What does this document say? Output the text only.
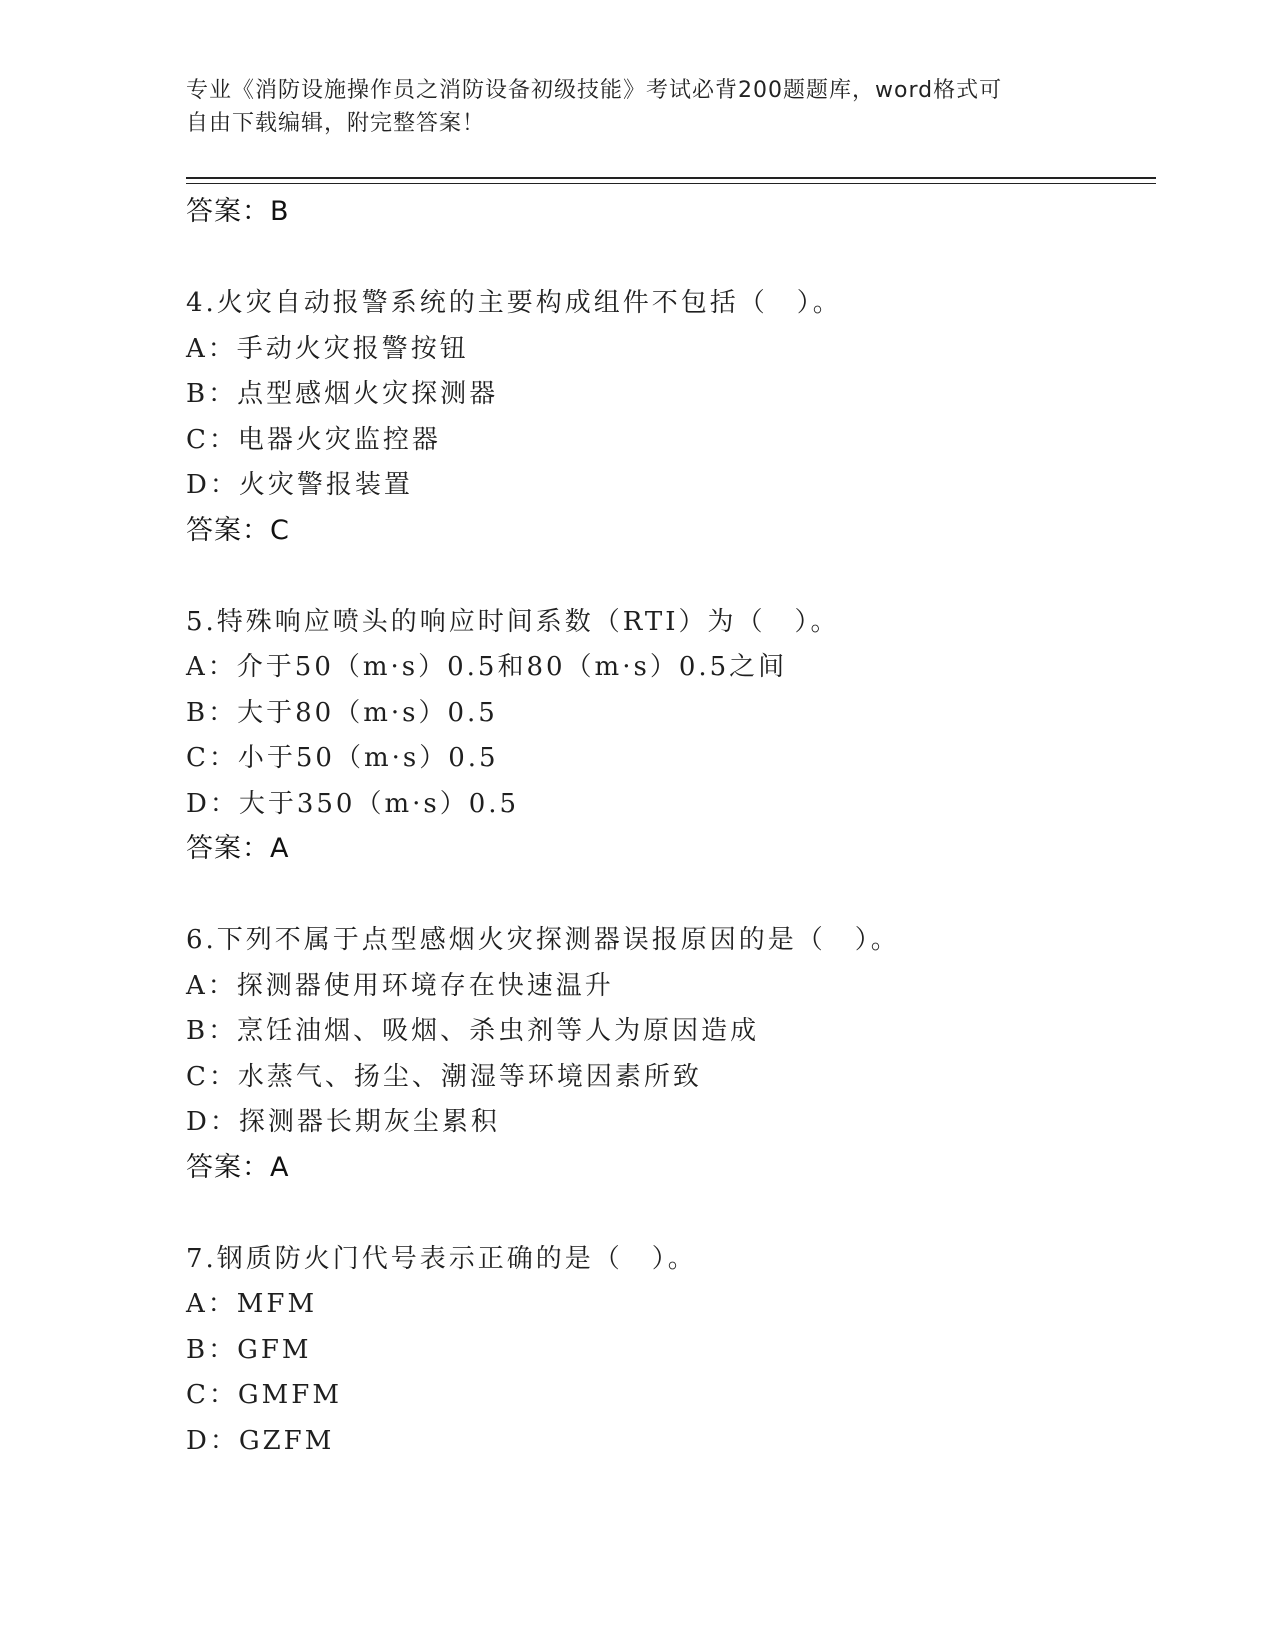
专业《消防设施操作员之消防设备初级技能》考试必背200题题库，word格式可
自由下载编辑，附完整答案！
答案：B
4.火灾自动报警系统的主要构成组件不包括（　）。
A：手动火灾报警按钮
B：点型感烟火灾探测器
C：电器火灾监控器
D：火灾警报装置
答案：C
5.特殊响应喷头的响应时间系数（RTI）为（　）。
A：介于50（m·s）0.5和80（m·s）0.5之间
B：大于80（m·s）0.5
C：小于50（m·s）0.5
D：大于350（m·s）0.5
答案：A
6.下列不属于点型感烟火灾探测器误报原因的是（　）。
A：探测器使用环境存在快速温升
B：烹饪油烟、吸烟、杀虫剂等人为原因造成
C：水蒸气、扬尘、潮湿等环境因素所致
D：探测器长期灰尘累积
答案：A
7.钢质防火门代号表示正确的是（　）。
A：MFM
B：GFM
C：GMFM
D：GZFM
